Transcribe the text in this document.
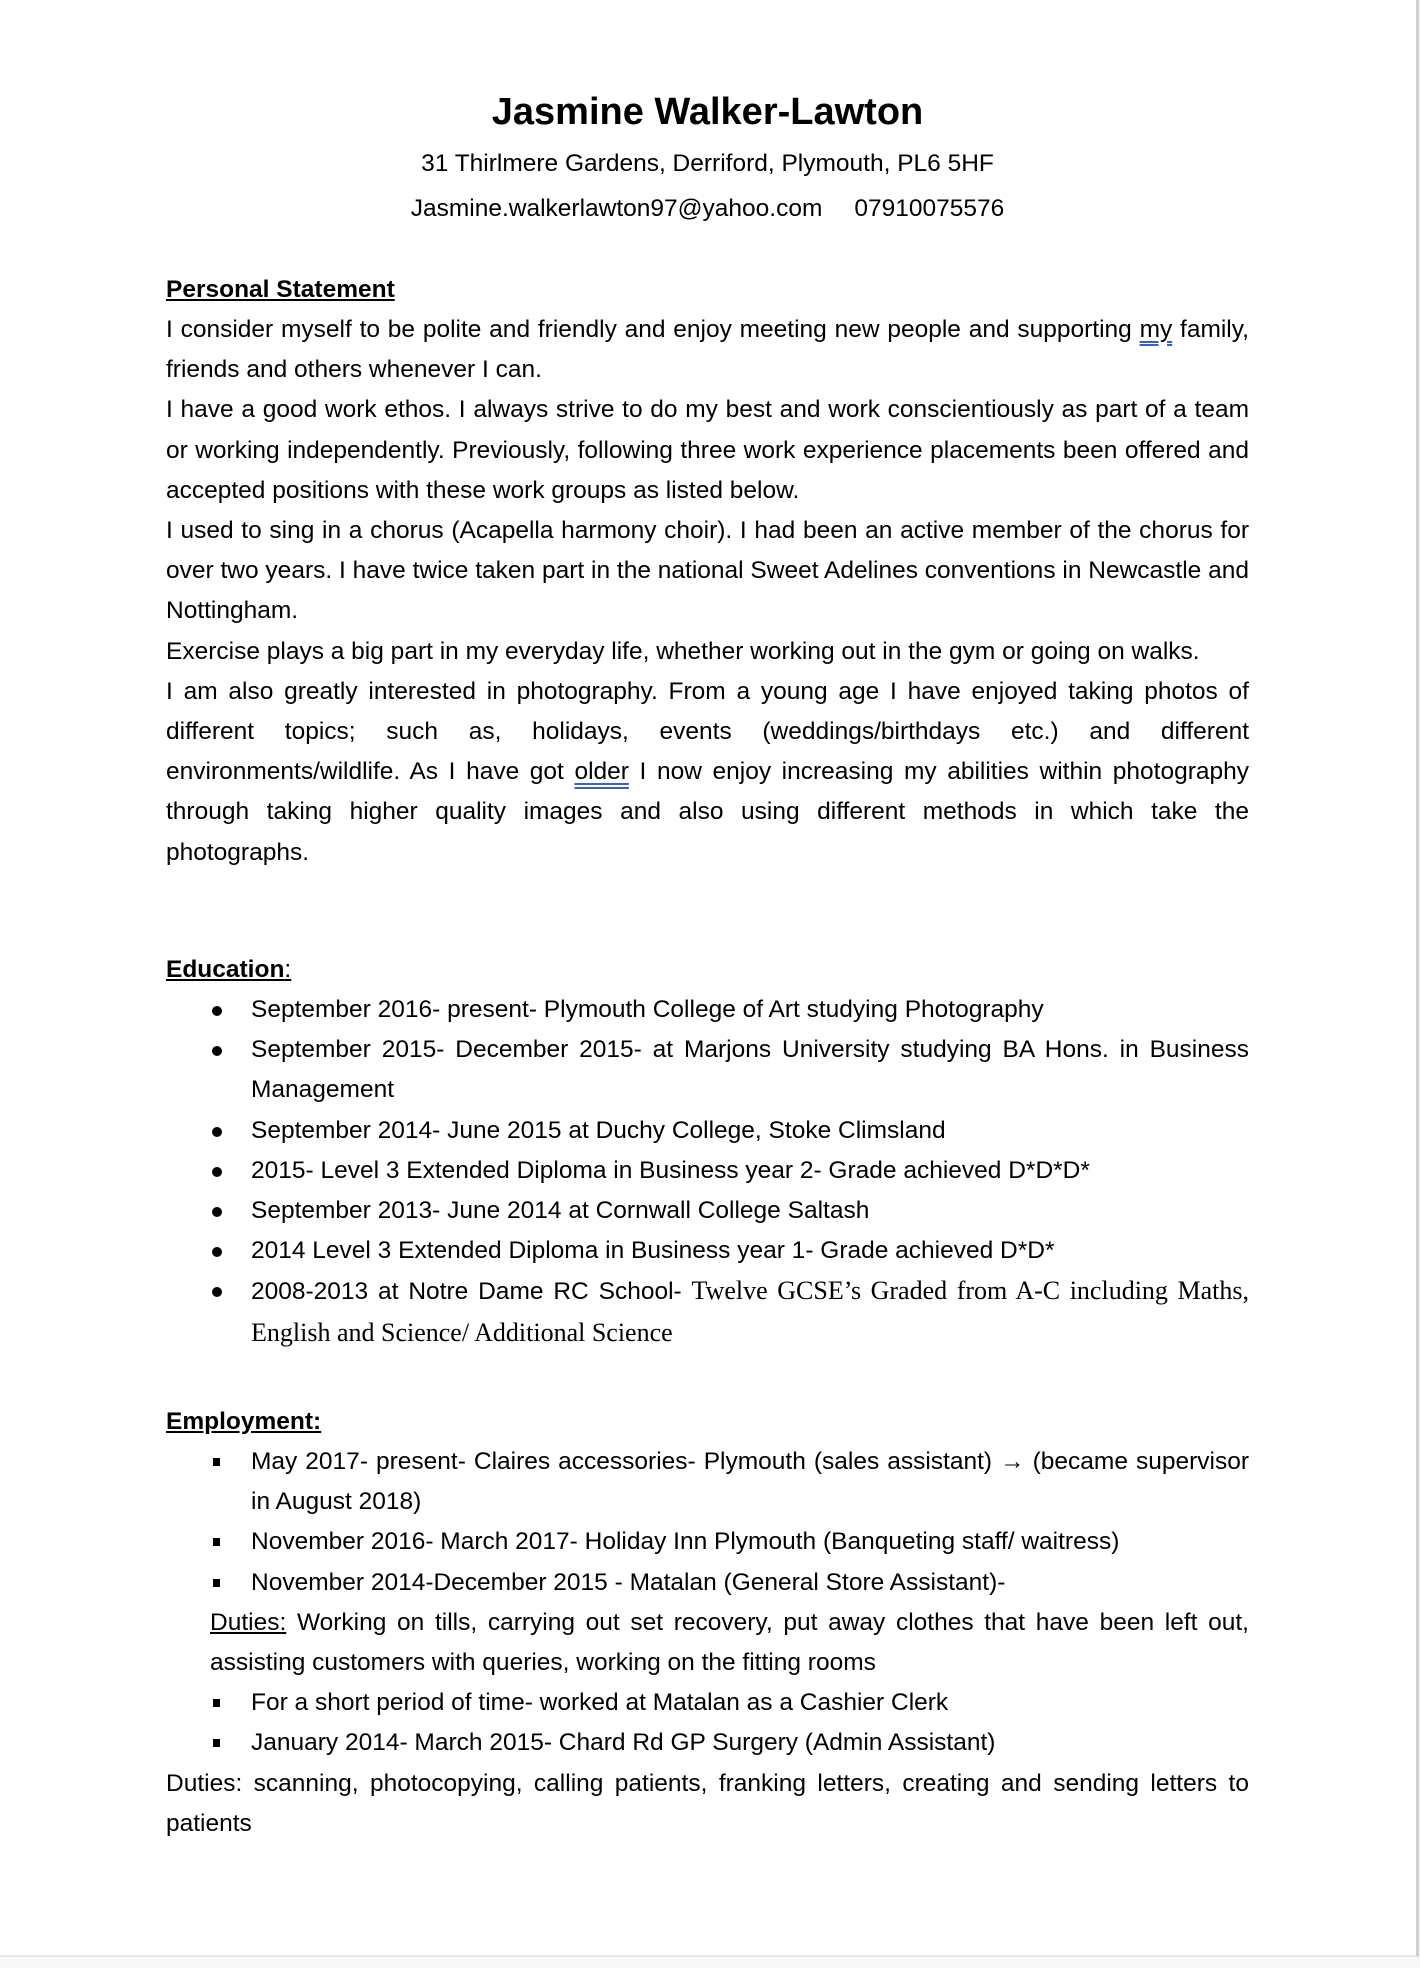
Jasmine Walker-Lawton
31 Thirlmere Gardens, Derriford, Plymouth, PL6 5HF
Jasmine.walkerlawton97@yahoo.com 07910075576
Personal Statement

I consider myself to be polite and friendly and enjoy meeting new people and supporting my family, friends and others whenever I can.

I have a good work ethos. I always strive to do my best and work conscientiously as part of a team or working independently. Previously, following three work experience placements been offered and accepted positions with these work groups as listed below.

I used to sing in a chorus (Acapella harmony choir). I had been an active member of the chorus for over two years. I have twice taken part in the national Sweet Adelines conventions in Newcastle and Nottingham.

Exercise plays a big part in my everyday life, whether working out in the gym or going on walks.

I am also greatly interested in photography. From a young age I have enjoyed taking photos of different topics; such as, holidays, events (weddings/birthdays etc.) and different environments/wildlife. As I have got older I now enjoy increasing my abilities within photography through taking higher quality images and also using different methods in which take the photographs.

Education:
September 2016- present- Plymouth College of Art studying Photography
September 2015- December 2015- at Marjons University studying BA Hons. in Business Management
September 2014- June 2015 at Duchy College, Stoke Climsland
2015- Level 3 Extended Diploma in Business year 2- Grade achieved D*D*D*
September 2013- June 2014 at Cornwall College Saltash
2014 Level 3 Extended Diploma in Business year 1- Grade achieved D*D*
2008-2013 at Notre Dame RC School- Twelve GCSE’s Graded from A-C including Maths, English and Science/ Additional Science
Employment:
May 2017- present- Claires accessories- Plymouth (sales assistant) → (became supervisor in August 2018)
November 2016- March 2017- Holiday Inn Plymouth (Banqueting staff/ waitress)
November 2014-December 2015 - Matalan (General Store Assistant)-

Duties: Working on tills, carrying out set recovery, put away clothes that have been left out, assisting customers with queries, working on the fitting rooms

For a short period of time- worked at Matalan as a Cashier Clerk
January 2014- March 2015- Chard Rd GP Surgery (Admin Assistant)

Duties: scanning, photocopying, calling patients, franking letters, creating and sending letters to patients
